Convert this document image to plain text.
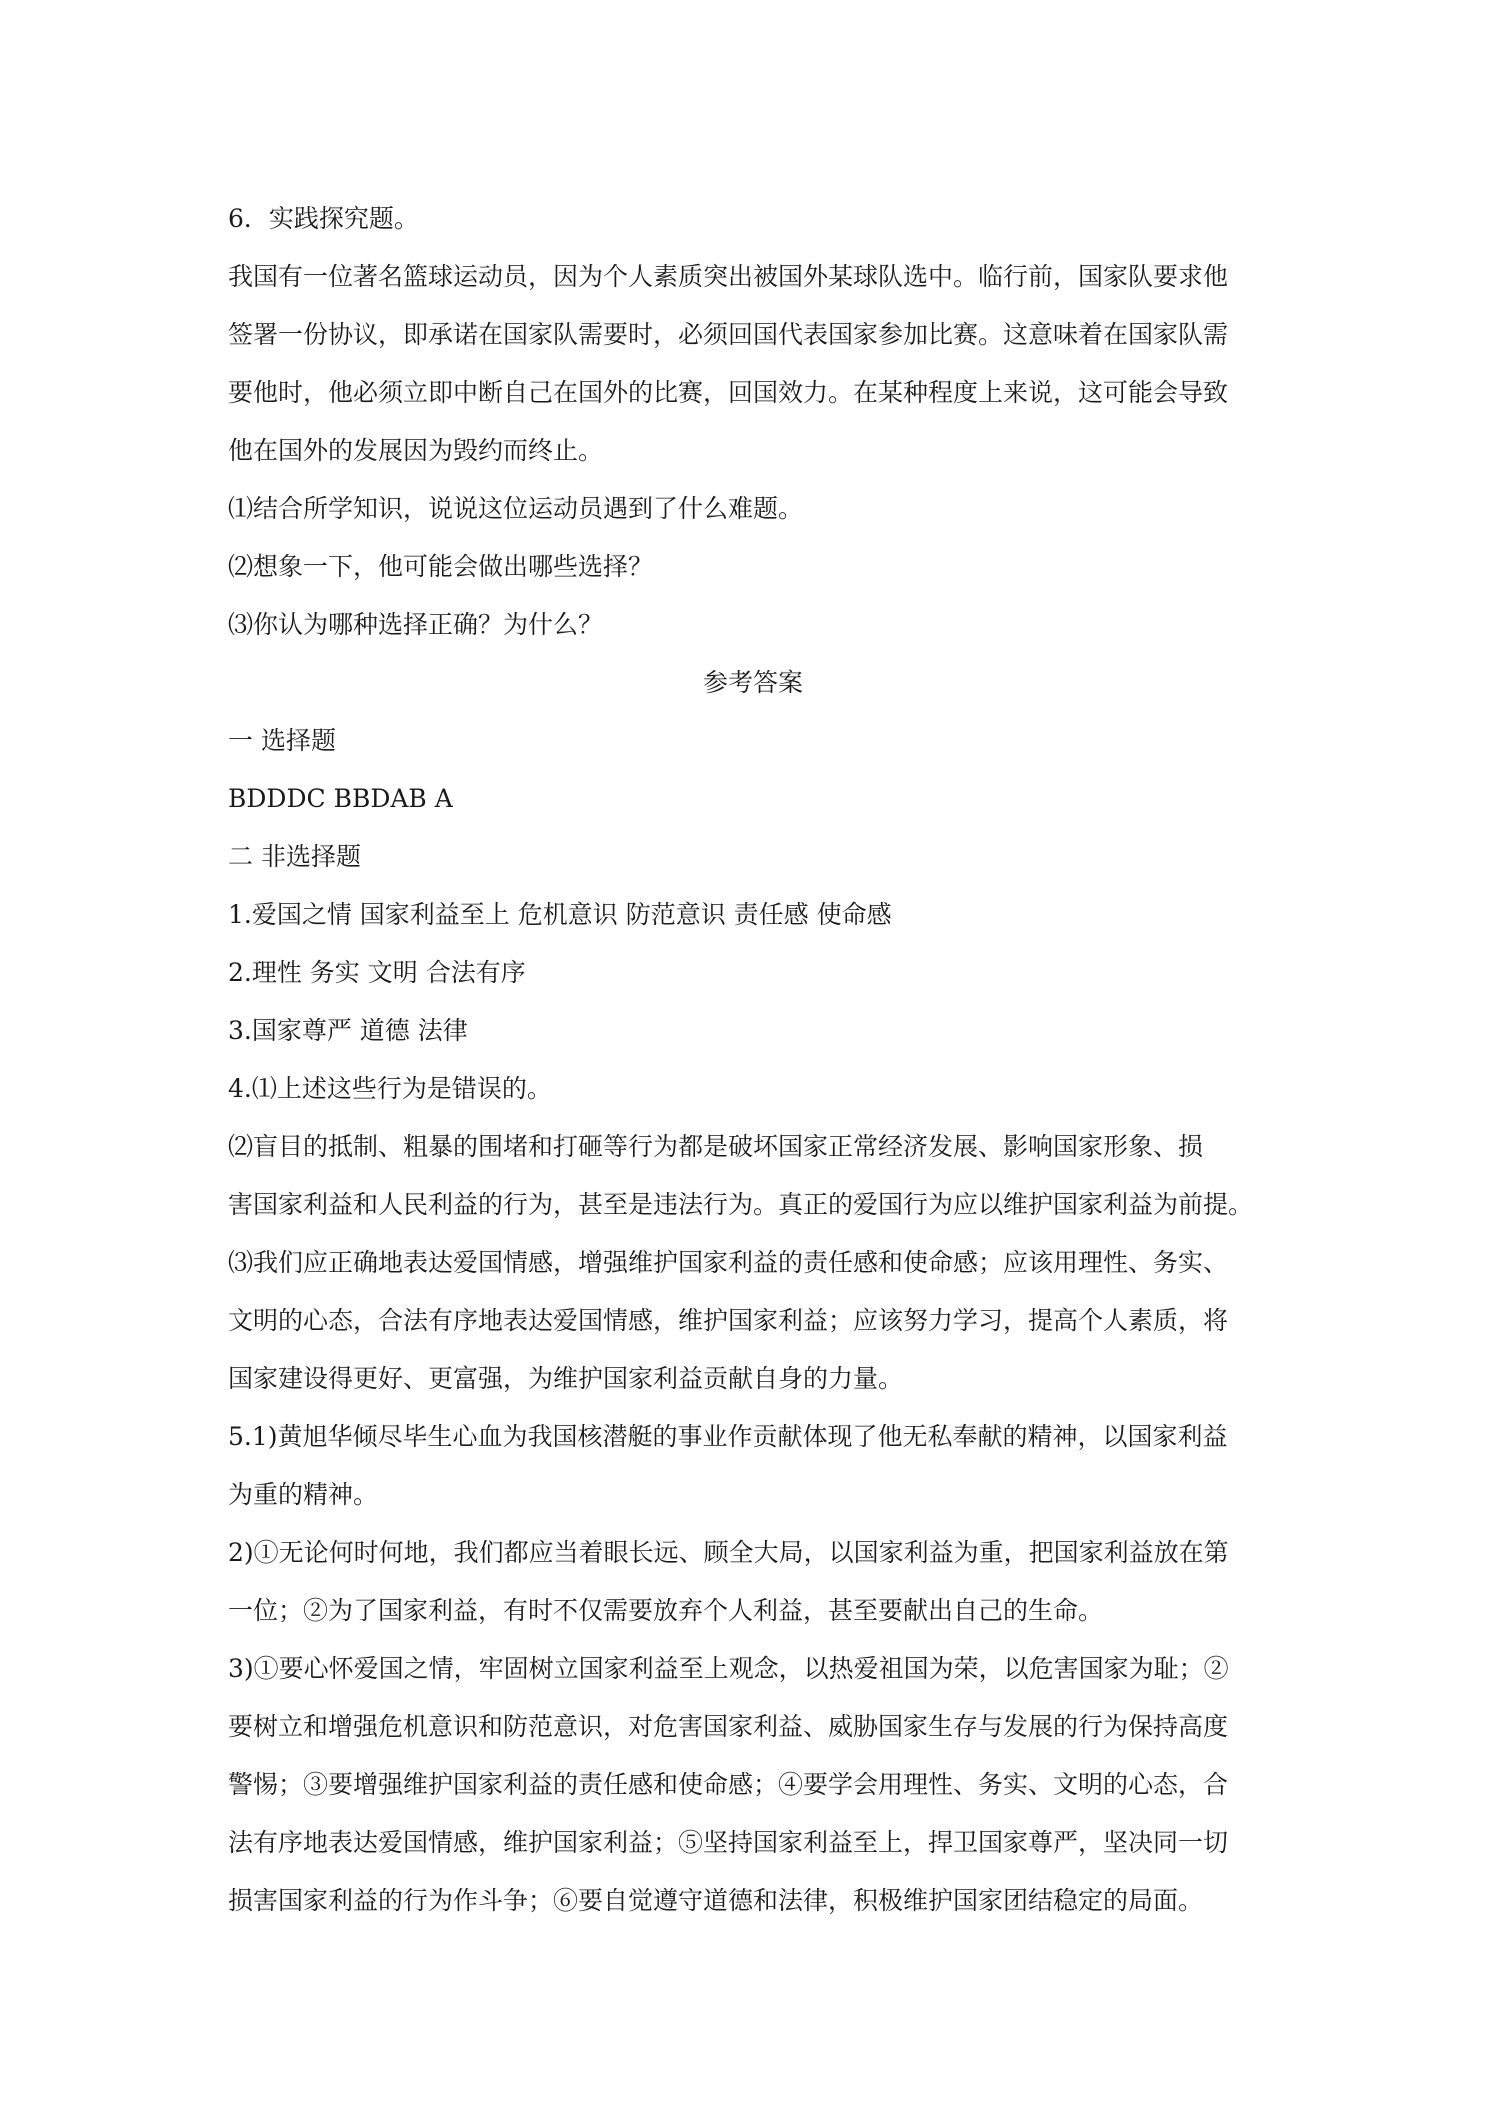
6．实践探究题。

我国有一位著名篮球运动员，因为个人素质突出被国外某球队选中。临行前，国家队要求他

签署一份协议，即承诺在国家队需要时，必须回国代表国家参加比赛。这意味着在国家队需

要他时，他必须立即中断自己在国外的比赛，回国效力。在某种程度上来说，这可能会导致

他在国外的发展因为毁约而终止。

⑴结合所学知识，说说这位运动员遇到了什么难题。

⑵想象一下，他可能会做出哪些选择？

⑶你认为哪种选择正确？为什么？

参考答案

一 选择题

BDDDC BBDAB A

二 非选择题

1.爱国之情 国家利益至上 危机意识 防范意识 责任感 使命感

2.理性 务实 文明 合法有序

3.国家尊严 道德 法律

4.⑴上述这些行为是错误的。

⑵盲目的抵制、粗暴的围堵和打砸等行为都是破坏国家正常经济发展、影响国家形象、损

害国家利益和人民利益的行为，甚至是违法行为。真正的爱国行为应以维护国家利益为前提。

⑶我们应正确地表达爱国情感，增强维护国家利益的责任感和使命感；应该用理性、务实、

文明的心态，合法有序地表达爱国情感，维护国家利益；应该努力学习，提高个人素质，将

国家建设得更好、更富强，为维护国家利益贡献自身的力量。

5.1)黄旭华倾尽毕生心血为我国核潜艇的事业作贡献体现了他无私奉献的精神，以国家利益

为重的精神。

2)①无论何时何地，我们都应当着眼长远、顾全大局，以国家利益为重，把国家利益放在第

一位；②为了国家利益，有时不仅需要放弃个人利益，甚至要献出自己的生命。

3)①要心怀爱国之情，牢固树立国家利益至上观念，以热爱祖国为荣，以危害国家为耻；②

要树立和增强危机意识和防范意识，对危害国家利益、威胁国家生存与发展的行为保持高度

警惕；③要增强维护国家利益的责任感和使命感；④要学会用理性、务实、文明的心态，合

法有序地表达爱国情感，维护国家利益；⑤坚持国家利益至上，捍卫国家尊严，坚决同一切

损害国家利益的行为作斗争；⑥要自觉遵守道德和法律，积极维护国家团结稳定的局面。
